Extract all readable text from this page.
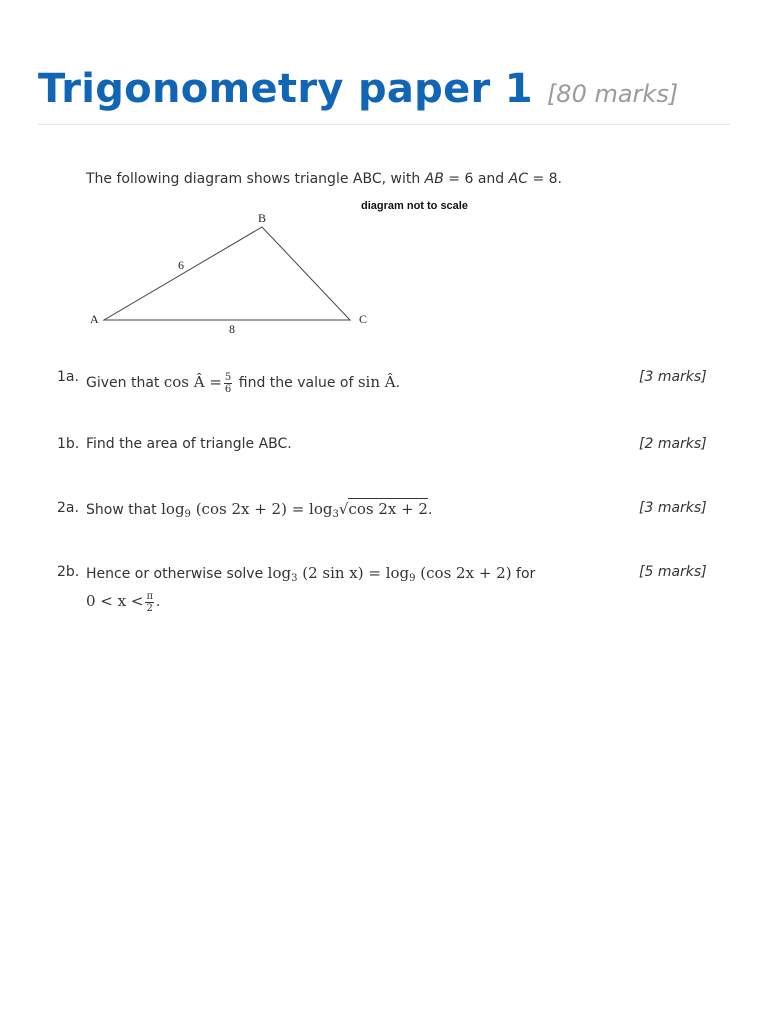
Trigonometry paper 1 [80 marks]
The following diagram shows triangle ABC, with AB = 6 and AC = 8.
diagram not to scale
A
B
C
6
8
1a. Given that cos Â = $\frac{5}{6}$ find the value of sin Â.	[3 marks]
1b. Find the area of triangle ABC.	[2 marks]
2a. Show that $\log_9 (\cos$ $2x + 2) = \log_3√\cos$ 2x + 2.	[3 marks]
2b. Hence or otherwise solve $\log_3 (2$ $\sin x) = \log_9 (\cos$ 2x + 2) for
$0 < x < \frac{\pi}{2}$ .
[5 marks]
